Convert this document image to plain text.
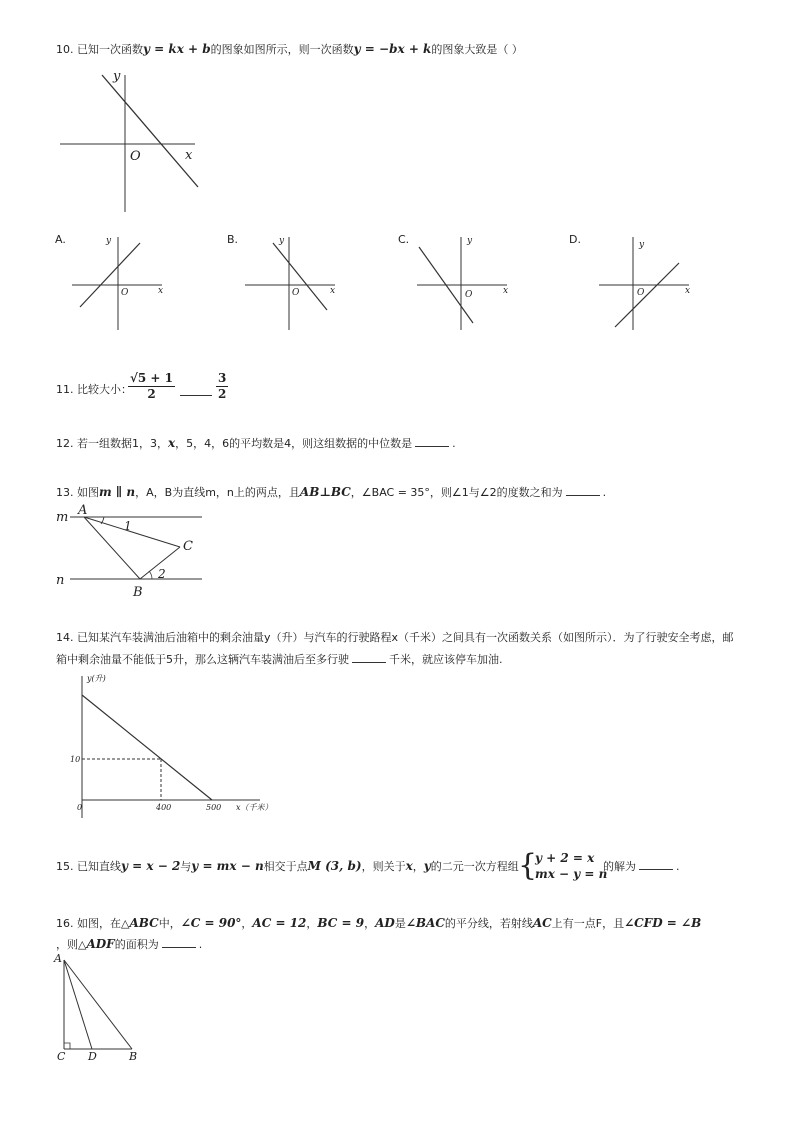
10. 已知一次函数y = kx + b的图象如图所示，则一次函数y = −bx + k的图象大致是（ ）
y
O	x
A.	y
O	x
B.	y
O	x
C.	y
O	x
D.	y
O	x
11. 比较大小：
$\frac{√5 + 1}{2}$	$\frac{3}{2}$
12. 若一组数据1，3，x，5，4，6的平均数是4，则这组数据的中位数是	.
13. 如图m ∥ n，A，B为直线m，n上的两点，且AB⊥BC，∠BAC = 35°，则∠1与∠2的度数之和为	.
m
n
A
B
C
1
2
14. 已知某汽车装满油后油箱中的剩余油量y（升）与汽车的行驶路程x（千米）之间具有一次函数关系（如图所示）．为了行驶安全考虑，邮
箱中剩余油量不能低于5升，那么这辆汽车装满油后至多行驶	千米，就应该停车加油.
y(升)
x（千米）
0
10
400	500
15. 已知直线y = x − 2与y = mx − n相交于点M (3, b)，则关于x，y的二元一次方程组 {
y + 2 = x
mx − y = n
的解为	.
16. 如图，在△ABC中，∠C = 90°，AC = 12，BC = 9，AD是∠BAC的平分线，若射线AC上有一点F，且∠CFD = ∠B
，则△ADF的面积为	.
A
C D	B
